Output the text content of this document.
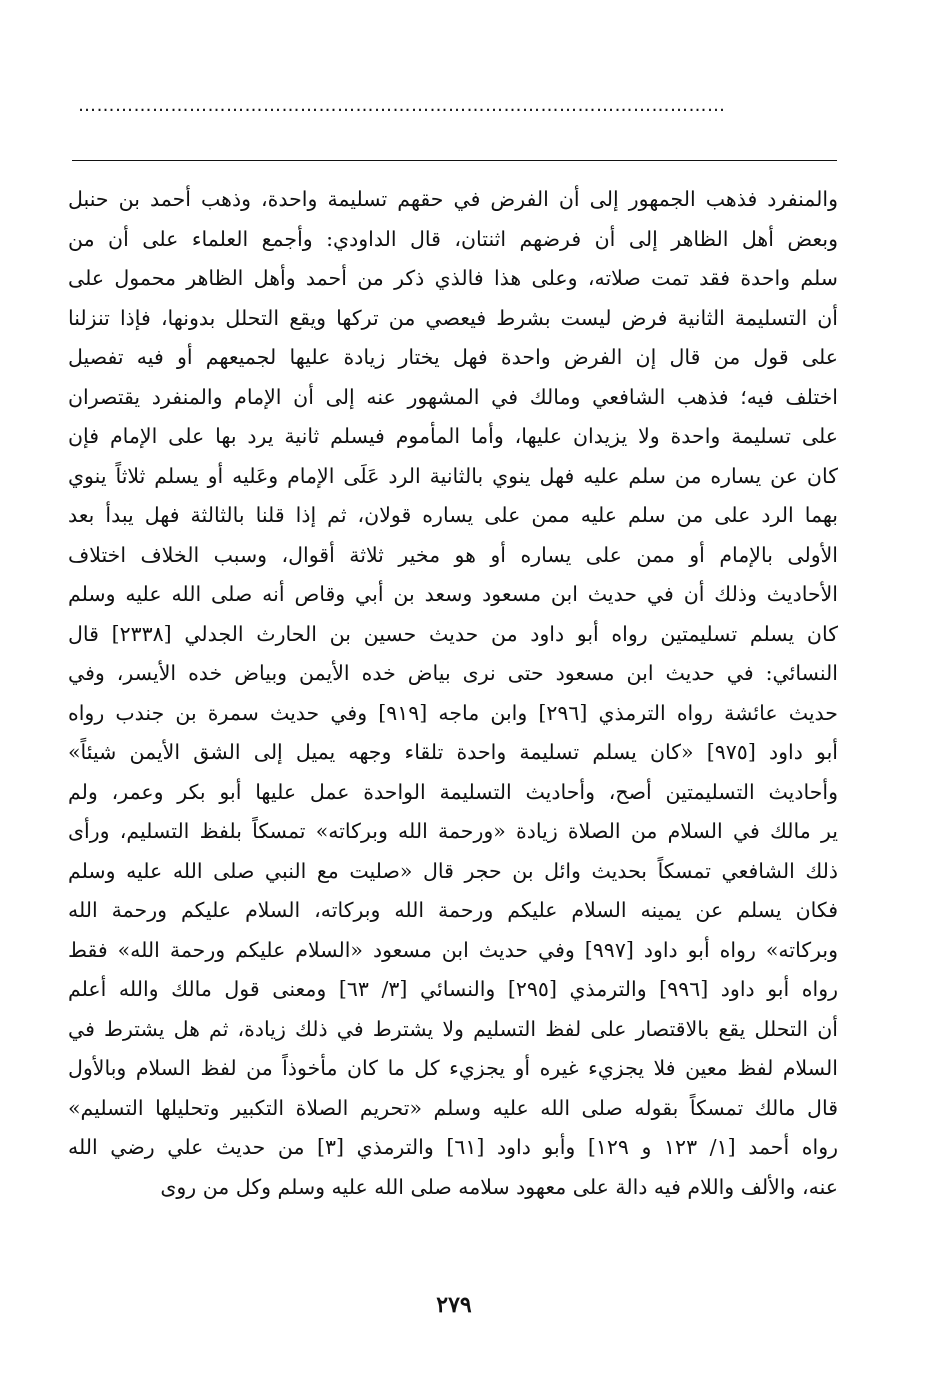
……………………………………………………………………………………………
والمنفرد فذهب الجمهور إلى أن الفرض في حقهم تسليمة واحدة، وذهب أحمد بن حنبل
وبعض أهل الظاهر إلى أن فرضهم اثنتان، قال الداودي: وأجمع العلماء على أن من
سلم واحدة فقد تمت صلاته، وعلى هذا فالذي ذكر من أحمد وأهل الظاهر محمول على
أن التسليمة الثانية فرض ليست بشرط فيعصي من تركها ويقع التحلل بدونها، فإذا تنزلنا
على قول من قال إن الفرض واحدة فهل يختار زيادة عليها لجميعهم أو فيه تفصيل
اختلف فيه؛ فذهب الشافعي ومالك في المشهور عنه إلى أن الإمام والمنفرد يقتصران
على تسليمة واحدة ولا يزيدان عليها، وأما المأموم فيسلم ثانية يرد بها على الإمام فإن
كان عن يساره من سلم عليه فهل ينوي بالثانية الرد عَلَى الإمام وعَليه أو يسلم ثلاثاً ينوي
بهما الرد على من سلم عليه ممن على يساره قولان، ثم إذا قلنا بالثالثة فهل يبدأ بعد
الأولى بالإمام أو ممن على يساره أو هو مخير ثلاثة أقوال، وسبب الخلاف اختلاف
الأحاديث وذلك أن في حديث ابن مسعود وسعد بن أبي وقاص أنه صلى الله عليه وسلم
كان يسلم تسليمتين رواه أبو داود من حديث حسين بن الحارث الجدلي [٢٣٣٨] قال
النسائي: في حديث ابن مسعود حتى نرى بياض خده الأيمن وبياض خده الأيسر، وفي
حديث عائشة رواه الترمذي [٢٩٦] وابن ماجه [٩١٩] وفي حديث سمرة بن جندب رواه
أبو داود [٩٧٥] «كان يسلم تسليمة واحدة تلقاء وجهه يميل إلى الشق الأيمن شيئاً»
وأحاديث التسليمتين أصح، وأحاديث التسليمة الواحدة عمل عليها أبو بكر وعمر، ولم
ير مالك في السلام من الصلاة زيادة «ورحمة الله وبركاته» تمسكاً بلفظ التسليم، ورأى
ذلك الشافعي تمسكاً بحديث وائل بن حجر قال «صليت مع النبي صلى الله عليه وسلم
فكان يسلم عن يمينه السلام عليكم ورحمة الله وبركاته، السلام عليكم ورحمة الله
وبركاته» رواه أبو داود [٩٩٧] وفي حديث ابن مسعود «السلام عليكم ورحمة الله» فقط
رواه أبو داود [٩٩٦] والترمذي [٢٩٥] والنسائي [٣/ ٦٣] ومعنى قول مالك والله أعلم
أن التحلل يقع بالاقتصار على لفظ التسليم ولا يشترط في ذلك زيادة، ثم هل يشترط في
السلام لفظ معين فلا يجزيء غيره أو يجزيء كل ما كان مأخوذاً من لفظ السلام وبالأول
قال مالك تمسكاً بقوله صلى الله عليه وسلم «تحريم الصلاة التكبير وتحليلها التسليم»
رواه أحمد [١/ ١٢٣ و ١٢٩] وأبو داود [٦١] والترمذي [٣] من حديث علي رضي الله
عنه، والألف واللام فيه دالة على معهود سلامه صلى الله عليه وسلم وكل من روى
٢٧٩
